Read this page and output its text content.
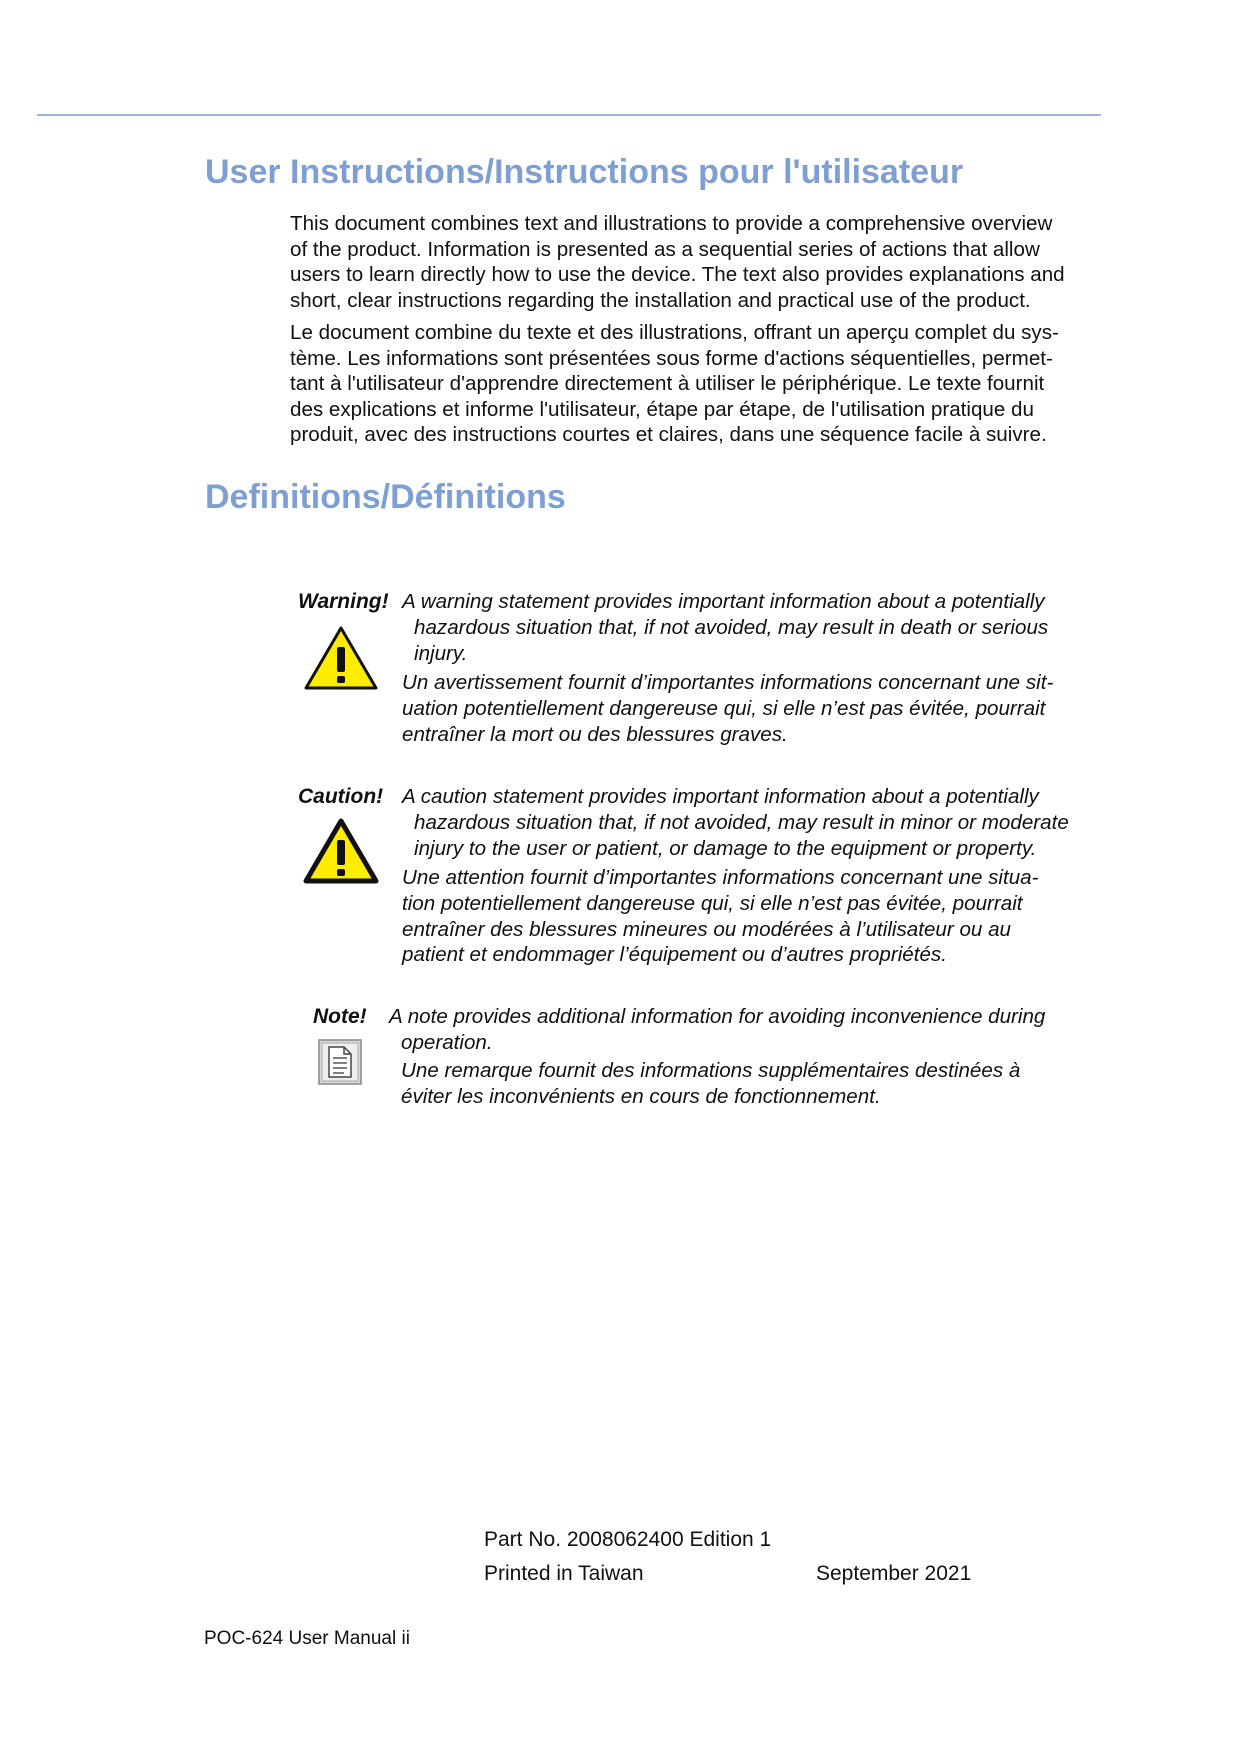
User Instructions/Instructions pour l'utilisateur

This document combines text and illustrations to provide a comprehensive overview
of the product. Information is presented as a sequential series of actions that allow
users to learn directly how to use the device. The text also provides explanations and
short, clear instructions regarding the installation and practical use of the product.

Le document combine du texte et des illustrations, offrant un aperçu complet du sys-
tème. Les informations sont présentées sous forme d'actions séquentielles, permet-
tant à l'utilisateur d'apprendre directement à utiliser le périphérique. Le texte fournit
des explications et informe l'utilisateur, étape par étape, de l'utilisation pratique du
produit, avec des instructions courtes et claires, dans une séquence facile à suivre.

Definitions/Définitions
Warning! A warning statement provides important information about a potentially
hazardous situation that, if not avoided, may result in death or serious
injury.

Un avertissement fournit d’importantes informations concernant une sit-
uation potentiellement dangereuse qui, si elle n’est pas évitée, pourrait
entraîner la mort ou des blessures graves.

Caution! A caution statement provides important information about a potentially
hazardous situation that, if not avoided, may result in minor or moderate
injury to the user or patient, or damage to the equipment or property.

Une attention fournit d’importantes informations concernant une situa-
tion potentiellement dangereuse qui, si elle n’est pas évitée, pourrait
entraîner des blessures mineures ou modérées à l’utilisateur ou au
patient et endommager l’équipement ou d’autres propriétés.

Note! A note provides additional information for avoiding inconvenience during
operation.

Une remarque fournit des informations supplémentaires destinées à
éviter les inconvénients en cours de fonctionnement.

Part No. 2008062400 Edition 1
Printed in Taiwan	September 2021
POC-624 User Manual ii
